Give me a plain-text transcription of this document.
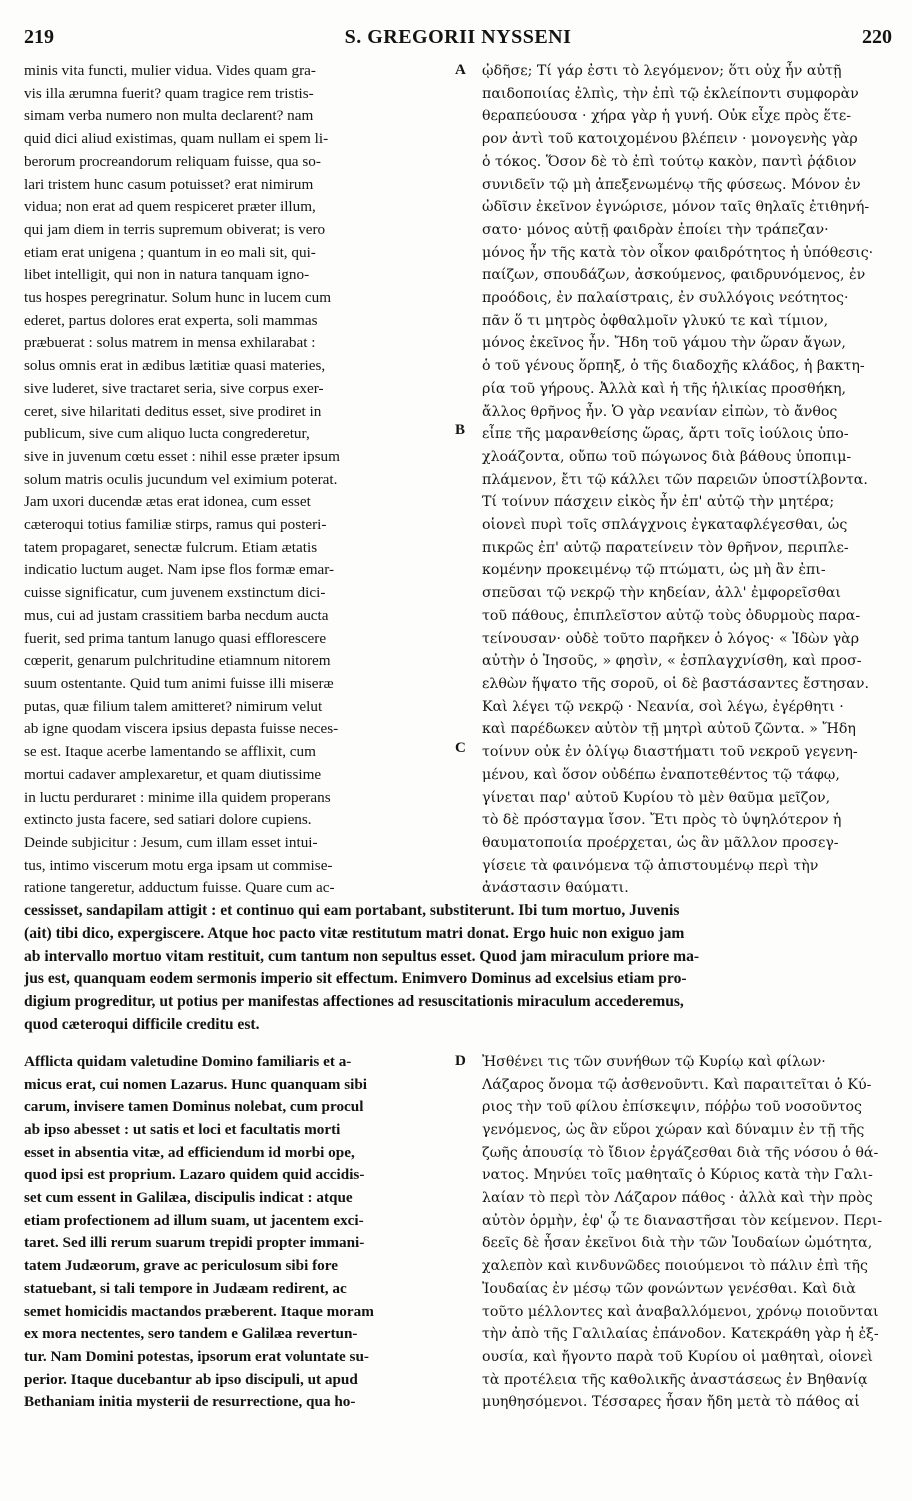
219	S. GREGORII NYSSENI	220
minis vita functi, mulier vidua. Vides quam gra-
vis illa ærumna fuerit? quam tragice rem tristis-
simam verba numero non multa declarent? nam
quid dici aliud existimas, quam nullam ei spem li-
berorum procreandorum reliquam fuisse, qua so-
lari tristem hunc casum potuisset? erat nimirum
vidua; non erat ad quem respiceret præter illum,
qui jam diem in terris supremum obiverat; is vero
etiam erat unigena ; quantum in eo mali sit, qui-
libet intelligit, qui non in natura tanquam igno-
tus hospes peregrinatur. Solum hunc in lucem cum
ederet, partus dolores erat experta, soli mammas
præbuerat : solus matrem in mensa exhilarabat :
solus omnis erat in ædibus lætitiæ quasi materies,
sive luderet, sive tractaret seria, sive corpus exer-
ceret, sive hilaritati deditus esset, sive prodiret in
publicum, sive cum aliquo lucta congrederetur,
sive in juvenum cœtu esset : nihil esse præter ipsum
solum matris oculis jucundum vel eximium poterat.
Jam uxori ducendæ ætas erat idonea, cum esset
cæteroqui totius familiæ stirps, ramus qui posteri-
tatem propagaret, senectæ fulcrum. Etiam ætatis
indicatio luctum auget. Nam ipse flos formæ emar-
cuisse significatur, cum juvenem exstinctum dici-
mus, cui ad justam crassitiem barba necdum aucta
fuerit, sed prima tantum lanugo quasi efflorescere
cœperit, genarum pulchritudine etiamnum nitorem
suum ostentante. Quid tum animi fuisse illi miseræ
putas, quæ filium talem amitteret? nimirum velut
ab igne quodam viscera ipsius depasta fuisse neces-
se est. Itaque acerbe lamentando se afflixit, cum
mortui cadaver amplexaretur, et quam diutissime
in luctu perduraret : minime illa quidem properans
extincto justa facere, sed satiari dolore cupiens.
Deinde subjicitur : Jesum, cum illam esset intui-
tus, intimo viscerum motu erga ipsam ut commise-
ratione tangeretur, adductum fuisse. Quare cum ac-
A
B
C
ᾠδῆσε; Τί γάρ ἐστι τὸ λεγόμενον; ὅτι οὐχ ἦν αὐτῇ
παιδοποιίας ἐλπὶς, τὴν ἐπὶ τῷ ἐκλείποντι συμφορὰν
θεραπεύουσα · χήρα γὰρ ἡ γυνή. Οὐκ εἶχε πρὸς ἕτε-
ρον ἀντὶ τοῦ κατοιχομένου βλέπειν · μονογενὴς γὰρ
ὁ τόκος. Ὅσον δὲ τὸ ἐπὶ τούτῳ κακὸν, παντὶ ῥᾴδιον
συνιδεῖν τῷ μὴ ἀπεξενωμένῳ τῆς φύσεως. Μόνον ἐν
ὠδῖσιν ἐκεῖνον ἐγνώρισε, μόνον ταῖς θηλαῖς ἐτιθηνή-
σατο· μόνος αὐτῇ φαιδρὰν ἐποίει τὴν τράπεζαν·
μόνος ἦν τῆς κατὰ τὸν οἶκον φαιδρότητος ἡ ὑπόθεσις·
παίζων, σπουδάζων, ἀσκούμενος, φαιδρυνόμενος, ἐν
προόδοις, ἐν παλαίστραις, ἐν συλλόγοις νεότητος·
πᾶν ὅ τι μητρὸς ὀφθαλμοῖν γλυκύ τε καὶ τίμιον,
μόνος ἐκεῖνος ἦν. Ἤδη τοῦ γάμου τὴν ὥραν ἄγων,
ὁ τοῦ γένους ὅρπηξ, ὁ τῆς διαδοχῆς κλάδος, ἡ βακτη-
ρία τοῦ γήρους. Ἀλλὰ καὶ ἡ τῆς ἡλικίας προσθήκη,
ἄλλος θρῆνος ἦν. Ὁ γὰρ νεανίαν εἰπὼν, τὸ ἄνθος
εἶπε τῆς μαρανθείσης ὥρας, ἄρτι τοῖς ἰούλοις ὑπο-
χλοάζοντα, οὔπω τοῦ πώγωνος διὰ βάθους ὑποπιμ-
πλάμενον, ἔτι τῷ κάλλει τῶν παρειῶν ὑποστίλβοντα.
Τί τοίνυν πάσχειν εἰκὸς ἦν ἐπ' αὐτῷ τὴν μητέρα;
οἱονεὶ πυρὶ τοῖς σπλάγχνοις ἐγκαταφλέγεσθαι, ὡς
πικρῶς ἐπ' αὐτῷ παρατείνειν τὸν θρῆνον, περιπλε-
κομένην προκειμένῳ τῷ πτώματι, ὡς μὴ ἂν ἐπι-
σπεῦσαι τῷ νεκρῷ τὴν κηδείαν, ἀλλ' ἐμφορεῖσθαι
τοῦ πάθους, ἐπιπλεῖστον αὐτῷ τοὺς ὀδυρμοὺς παρα-
τείνουσαν· οὐδὲ τοῦτο παρῆκεν ὁ λόγος· « Ἰδὼν γὰρ
αὐτὴν ὁ Ἰησοῦς, » φησὶν, « ἐσπλαγχνίσθη, καὶ προσ-
ελθὼν ἥψατο τῆς σοροῦ, οἱ δὲ βαστάσαντες ἔστησαν.
Καὶ λέγει τῷ νεκρῷ · Νεανία, σοὶ λέγω, ἐγέρθητι ·
καὶ παρέδωκεν αὐτὸν τῇ μητρὶ αὐτοῦ ζῶντα. » Ἤδη
τοίνυν οὐκ ἐν ὀλίγῳ διαστήματι τοῦ νεκροῦ γεγενη-
μένου, καὶ ὅσον οὐδέπω ἐναποτεθέντος τῷ τάφῳ,
γίνεται παρ' αὐτοῦ Κυρίου τὸ μὲν θαῦμα μεῖζον,
τὸ δὲ πρόσταγμα ἴσον. Ἔτι πρὸς τὸ ὑψηλότερον ἡ
θαυματοποιία προέρχεται, ὡς ἂν μᾶλλον προσεγ-
γίσειε τὰ φαινόμενα τῷ ἀπιστουμένῳ περὶ τὴν
ἀνάστασιν θαύματι.
cessisset, sandapilam attigit : et continuo qui eam portabant, substiterunt. Ibi tum mortuo, Juvenis
(ait) tibi dico, expergiscere. Atque hoc pacto vitæ restitutum matri donat. Ergo huic non exiguo jam
ab intervallo mortuo vitam restituit, cum tantum non sepultus esset. Quod jam miraculum priore ma-
jus est, quanquam eodem sermonis imperio sit effectum. Enimvero Dominus ad excelsius etiam pro-
digium progreditur, ut potius per manifestas affectiones ad resuscitationis miraculum accederemus,
quod cæteroqui difficile creditu est.
Afflicta quidam valetudine Domino familiaris et a-
micus erat, cui nomen Lazarus. Hunc quanquam sibi
carum, invisere tamen Dominus nolebat, cum procul
ab ipso abesset : ut satis et loci et facultatis morti
esset in absentia vitæ, ad efficiendum id morbi ope,
quod ipsi est proprium. Lazaro quidem quid accidis-
set cum essent in Galilæa, discipulis indicat : atque
etiam profectionem ad illum suam, ut jacentem exci-
taret. Sed illi rerum suarum trepidi propter immani-
tatem Judæorum, grave ac periculosum sibi fore
statuebant, si tali tempore in Judæam redirent, ac
semet homicidis mactandos præberent. Itaque moram
ex mora nectentes, sero tandem e Galilæa revertun-
tur. Nam Domini potestas, ipsorum erat voluntate su-
perior. Itaque ducebantur ab ipso discipuli, ut apud
Bethaniam initia mysterii de resurrectione, qua ho-
D Ἠσθένει τις τῶν συνήθων τῷ Κυρίῳ καὶ φίλων·
Λάζαρος ὄνομα τῷ ἀσθενοῦντι. Καὶ παραιτεῖται ὁ Κύ-
ριος τὴν τοῦ φίλου ἐπίσκεψιν, πόῤῥω τοῦ νοσοῦντος
γενόμενος, ὡς ἂν εὕροι χώραν καὶ δύναμιν ἐν τῇ τῆς
ζωῆς ἀπουσίᾳ τὸ ἴδιον ἐργάζεσθαι διὰ τῆς νόσου ὁ θά-
νατος. Μηνύει τοῖς μαθηταῖς ὁ Κύριος κατὰ τὴν Γαλι-
λαίαν τὸ περὶ τὸν Λάζαρον πάθος · ἀλλὰ καὶ τὴν πρὸς
αὐτὸν ὁρμὴν, ἐφ' ᾧ τε διαναστῆσαι τὸν κείμενον. Περι-
δεεῖς δὲ ἦσαν ἐκεῖνοι διὰ τὴν τῶν Ἰουδαίων ὠμότητα,
χαλεπὸν καὶ κινδυνῶδες ποιούμενοι τὸ πάλιν ἐπὶ τῆς
Ἰουδαίας ἐν μέσῳ τῶν φονώντων γενέσθαι. Καὶ διὰ
τοῦτο μέλλοντες καὶ ἀναβαλλόμενοι, χρόνῳ ποιοῦνται
τὴν ἀπὸ τῆς Γαλιλαίας ἐπάνοδον. Κατεκράθη γὰρ ἡ ἐξ-
ουσία, καὶ ἤγοντο παρὰ τοῦ Κυρίου οἱ μαθηταὶ, οἱονεὶ
τὰ προτέλεια τῆς καθολικῆς ἀναστάσεως ἐν Βηθανίᾳ
μυηθησόμενοι. Τέσσαρες ἦσαν ἤδη μετὰ τὸ πάθος αἱ
